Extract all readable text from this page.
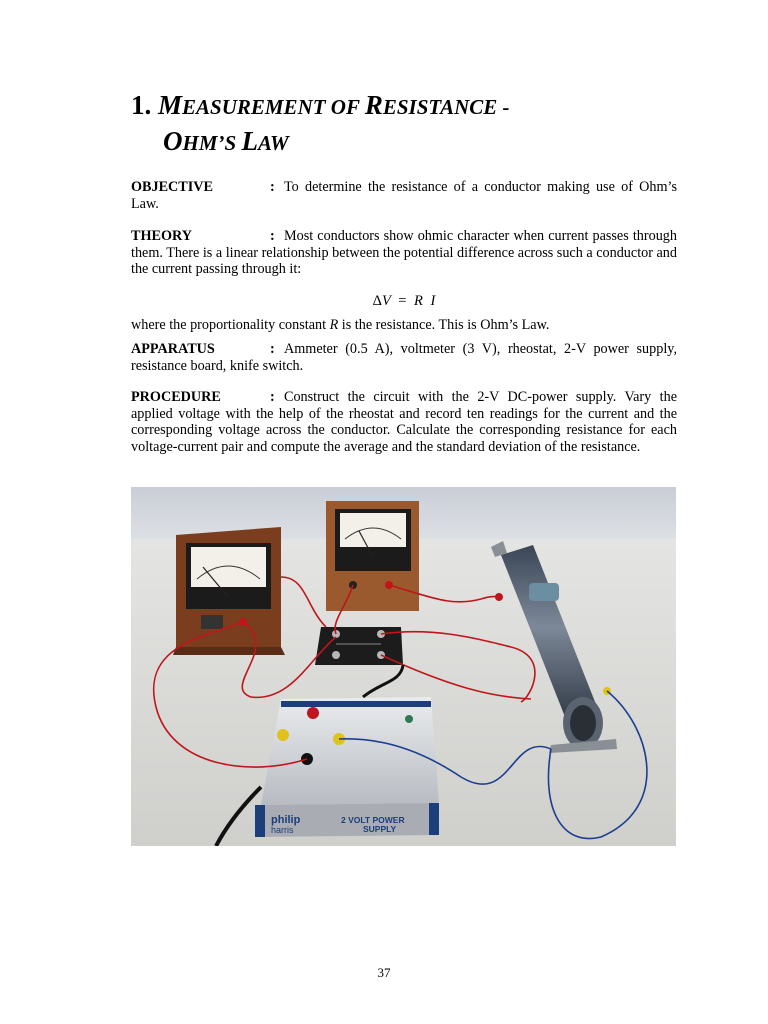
1. MEASUREMENT OF RESISTANCE -
OHM’S LAW
OBJECTIVE	: To determine the resistance of a conductor making use of Ohm’s Law.
THEORY	: Most conductors show ohmic character when current passes through them. There is a linear relationship between the potential difference across such a conductor and the current passing through it:
ΔV = R I
where the proportionality constant R is the resistance. This is Ohm’s Law.
APPARATUS	: Ammeter (0.5 A), voltmeter (3 V), rheostat, 2-V power supply, resistance board, knife switch.
PROCEDURE	: Construct the circuit with the 2-V DC-power supply. Vary the applied voltage with the help of the rheostat and record ten readings for the current and the corresponding voltage across the conductor. Calculate the corresponding resistance for each voltage-current pair and compute the average and the standard deviation of the resistance.
philip
harris
2 VOLT POWER
SUPPLY
37
